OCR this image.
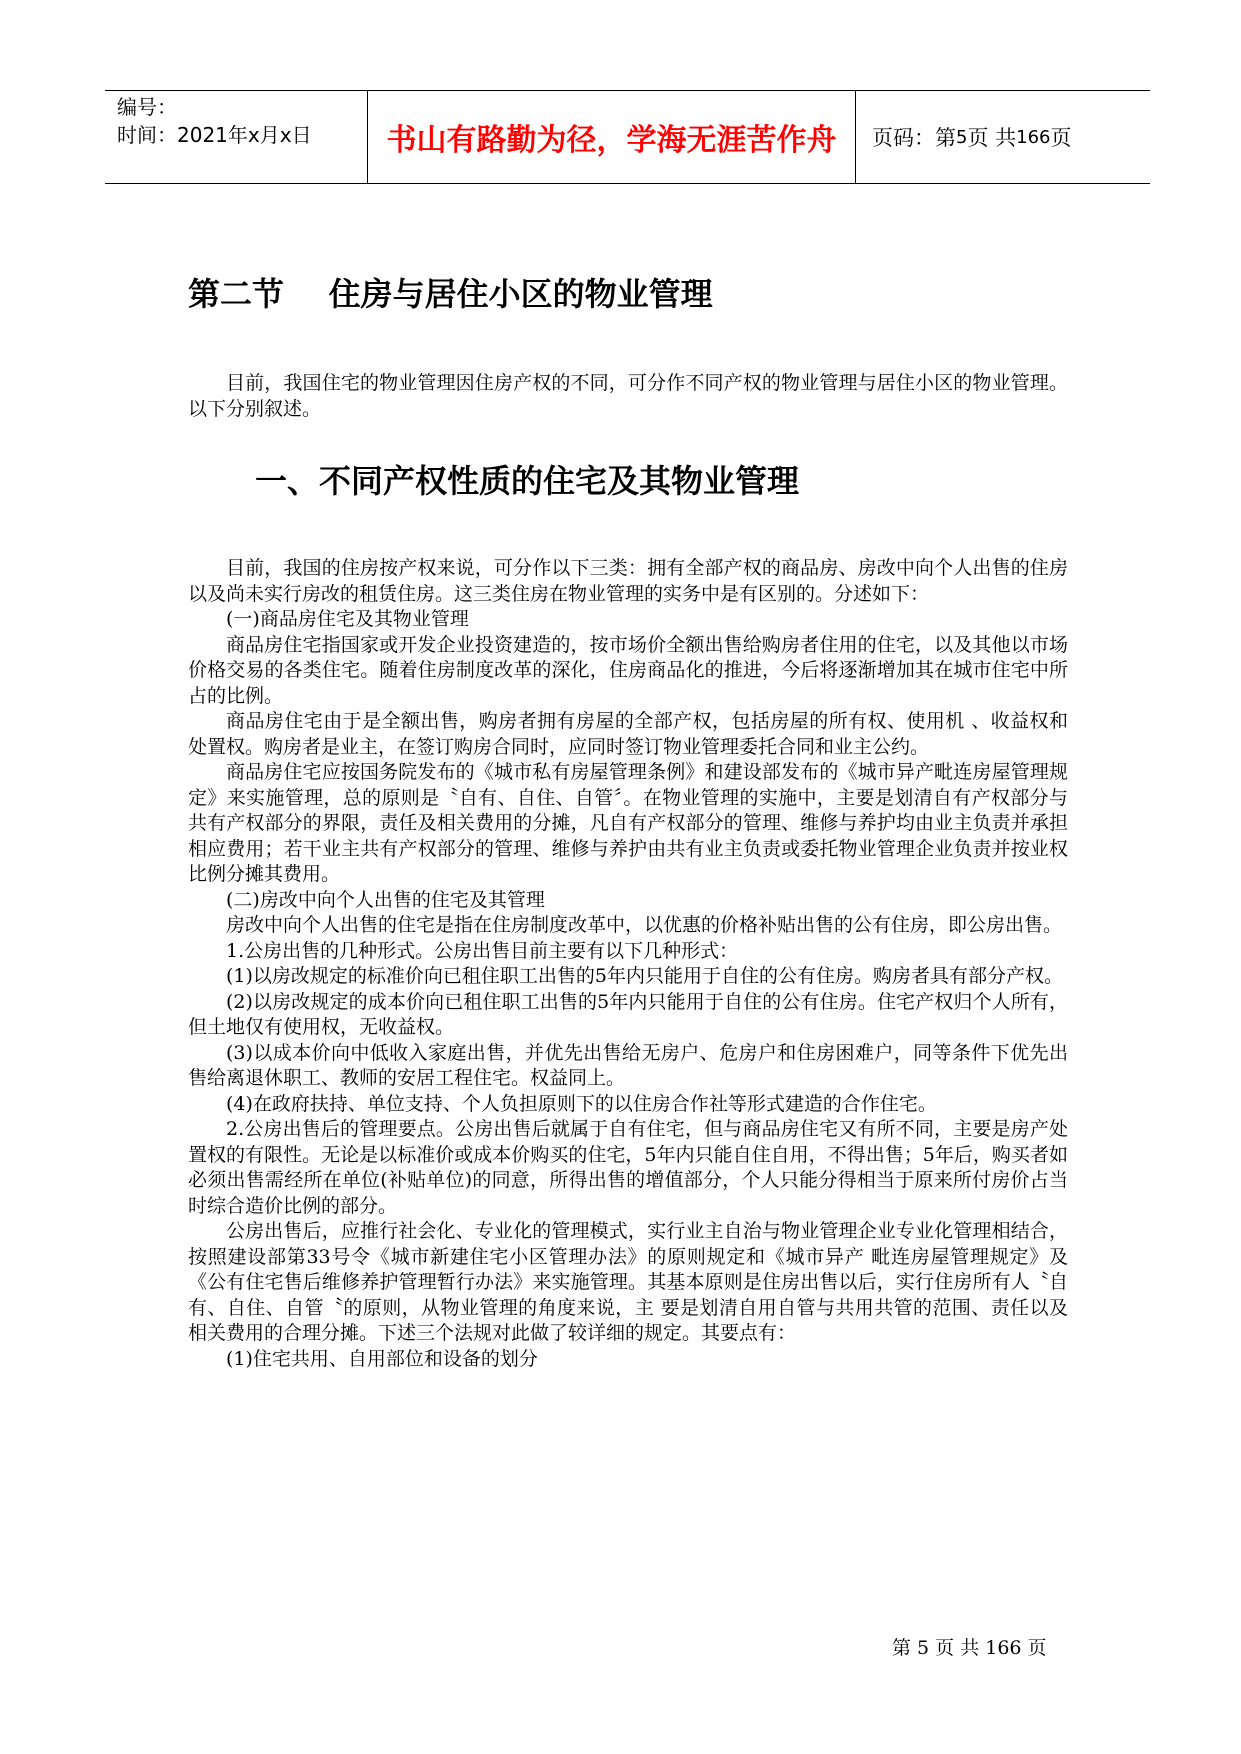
编号：
时间：2021年x月x日	书山有路勤为径，学海无涯苦作舟	页码：第 5 页 共 166 页
第二节    住房与居住小区的物业管理

目前，我国住宅的物业管理因住房产权的不同，可分作不同产权的物业管理与居住小区的物业管理。以下分别叙述。

一、不同产权性质的住宅及其物业管理

目前，我国的住房按产权来说，可分作以下三类：拥有全部产权的商品房、房改中向个人出售的住房以及尚未实行房改的租赁住房。这三类住房在物业管理的实务中是有区别的。分述如下：

(一)商品房住宅及其物业管理

商品房住宅指国家或开发企业投资建造的，按市场价全额出售给购房者住用的住宅，以及其他以市场价格交易的各类住宅。随着住房制度改革的深化，住房商品化的推进，今后将逐渐增加其在城市住宅中所占的比例。

商品房住宅由于是全额出售，购房者拥有房屋的全部产权，包括房屋的所有权、使用机 、收益权和处置权。购房者是业主，在签订购房合同时，应同时签订物业管理委托合同和业主公约。

商品房住宅应按国务院发布的《城市私有房屋管理条例》和建设部发布的《城市异产毗连房屋管理规定》来实施管理，总的原则是〝自有、自住、自管〞。在物业管理的实施中，主要是划清自有产权部分与共有产权部分的界限，责任及相关费用的分摊，凡自有产权部分的管理、维修与养护均由业主负责并承担相应费用；若干业主共有产权部分的管理、维修与养护由共有业主负责或委托物业管理企业负责并按业权比例分摊其费用。

(二)房改中向个人出售的住宅及其管理

房改中向个人出售的住宅是指在住房制度改革中，以优惠的价格补贴出售的公有住房，即公房出售。

1.公房出售的几种形式。公房出售目前主要有以下几种形式：

(1)以房改规定的标准价向已租住职工出售的5年内只能用于自住的公有住房。购房者具有部分产权。

(2)以房改规定的成本价向已租住职工出售的5年内只能用于自住的公有住房。住宅产权归个人所有，但土地仅有使用权，无收益权。

(3)以成本价向中低收入家庭出售，并优先出售给无房户、危房户和住房困难户，同等条件下优先出售给离退休职工、教师的安居工程住宅。权益同上。

(4)在政府扶持、单位支持、个人负担原则下的以住房合作社等形式建造的合作住宅。

2.公房出售后的管理要点。公房出售后就属于自有住宅，但与商品房住宅又有所不同，主要是房产处置权的有限性。无论是以标准价或成本价购买的住宅，5年内只能自住自用，不得出售；5年后，购买者如必须出售需经所在单位(补贴单位)的同意，所得出售的增值部分，个人只能分得相当于原来所付房价占当时综合造价比例的部分。

公房出售后，应推行社会化、专业化的管理模式，实行业主自治与物业管理企业专业化管理相结合，按照建设部第33号令《城市新建住宅小区管理办法》的原则规定和《城市异产 毗连房屋管理规定》及《公有住宅售后维修养护管理暂行办法》来实施管理。其基本原则是住房出售以后，实行住房所有人〝自有、自住、自管〝的原则，从物业管理的角度来说，主 要是划清自用自管与共用共管的范围、责任以及相关费用的合理分摊。下述三个法规对此做了较详细的规定。其要点有：

(1)住宅共用、自用部位和设备的划分

第 5 页 共 166 页
